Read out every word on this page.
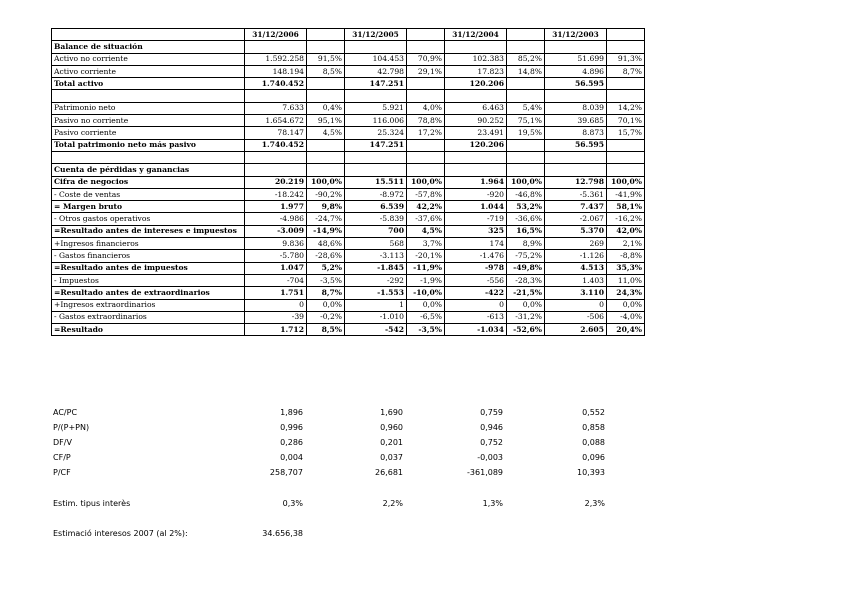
	31/12/2006		31/12/2005		31/12/2004		31/12/2003	
Balance de situación								
Activo no corriente	1.592.258	91,5%	104.453	70,9%	102.383	85,2%	51.699	91,3%
Activo corriente	148.194	8,5%	42.798	29,1%	17.823	14,8%	4.896	8,7%
Total activo	1.740.452		147.251		120.206		56.595	

Patrimonio neto	7.633	0,4%	5.921	4,0%	6.463	5,4%	8.039	14,2%
Pasivo no corriente	1.654.672	95,1%	116.006	78,8%	90.252	75,1%	39.685	70,1%
Pasivo corriente	78.147	4,5%	25.324	17,2%	23.491	19,5%	8.873	15,7%
Total patrimonio neto más pasivo	1.740.452		147.251		120.206		56.595	

Cuenta de pérdidas y ganancias								
Cifra de negocios	20.219	100,0%	15.511	100,0%	1.964	100,0%	12.798	100,0%
- Coste de ventas	-18.242	-90,2%	-8.972	-57,8%	-920	-46,8%	-5.361	-41,9%
= Margen bruto	1.977	9,8%	6.539	42,2%	1.044	53,2%	7.437	58,1%
- Otros gastos operativos	-4.986	-24,7%	-5.839	-37,6%	-719	-36,6%	-2.067	-16,2%
=Resultado antes de intereses e impuestos	-3.009	-14,9%	700	4,5%	325	16,5%	5.370	42,0%
+Ingresos financieros	9.836	48,6%	568	3,7%	174	8,9%	269	2,1%
- Gastos financieros	-5.780	-28,6%	-3.113	-20,1%	-1.476	-75,2%	-1.126	-8,8%
=Resultado antes de impuestos	1.047	5,2%	-1.845	-11,9%	-978	-49,8%	4.513	35,3%
- Impuestos	-704	-3,5%	-292	-1,9%	-556	-28,3%	1.403	11,0%
=Resultado antes de extraordinarios	1.751	8,7%	-1.553	-10,0%	-422	-21,5%	3.110	24,3%
+Ingresos extraordinarios	0	0,0%	1	0,0%	0	0,0%	0	0,0%
- Gastos extraordinarios	-39	-0,2%	-1.010	-6,5%	-613	-31,2%	-506	-4,0%
=Resultado	1.712	8,5%	-542	-3,5%	-1.034	-52,6%	2.605	20,4%
AC/PC	1,896	1,690	0,759	0,552
P/(P+PN)	0,996	0,960	0,946	0,858
DF/V	0,286	0,201	0,752	0,088
CF/P	0,004	0,037	-0,003	0,096
P/CF	258,707	26,681	-361,089	10,393
Estim. tipus interès	0,3%	2,2%	1,3%	2,3%
Estimació interesos 2007 (al 2%):	34.656,38
